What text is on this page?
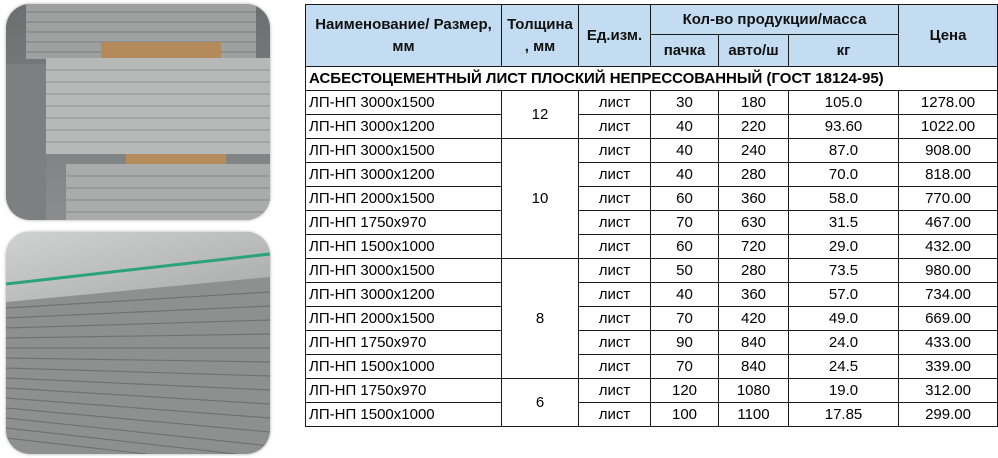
Наименование/ Размер, мм	Толщина , мм	Ед.изм.	Кол-во продукции/масса			Цена
			пачка	авто/ш	кг	
АСБЕСТОЦЕМЕНТНЫЙ ЛИСТ ПЛОСКИЙ НЕПРЕССОВАННЫЙ (ГОСТ 18124-95)						
ЛП-НП 3000х1500	12	лист	30	180	105.0	1278.00
ЛП-НП 3000х1200		лист	40	220	93.60	1022.00
ЛП-НП 3000х1500	10	лист	40	240	87.0	908.00
ЛП-НП 3000х1200		лист	40	280	70.0	818.00
ЛП-НП 2000х1500		лист	60	360	58.0	770.00
ЛП-НП 1750х970		лист	70	630	31.5	467.00
ЛП-НП 1500х1000		лист	60	720	29.0	432.00
ЛП-НП 3000х1500	8	лист	50	280	73.5	980.00
ЛП-НП 3000х1200		лист	40	360	57.0	734.00
ЛП-НП 2000х1500		лист	70	420	49.0	669.00
ЛП-НП 1750х970		лист	90	840	24.0	433.00
ЛП-НП 1500х1000		лист	70	840	24.5	339.00
ЛП-НП 1750х970	6	лист	120	1080	19.0	312.00
ЛП-НП 1500х1000		лист	100	1100	17.85	299.00
